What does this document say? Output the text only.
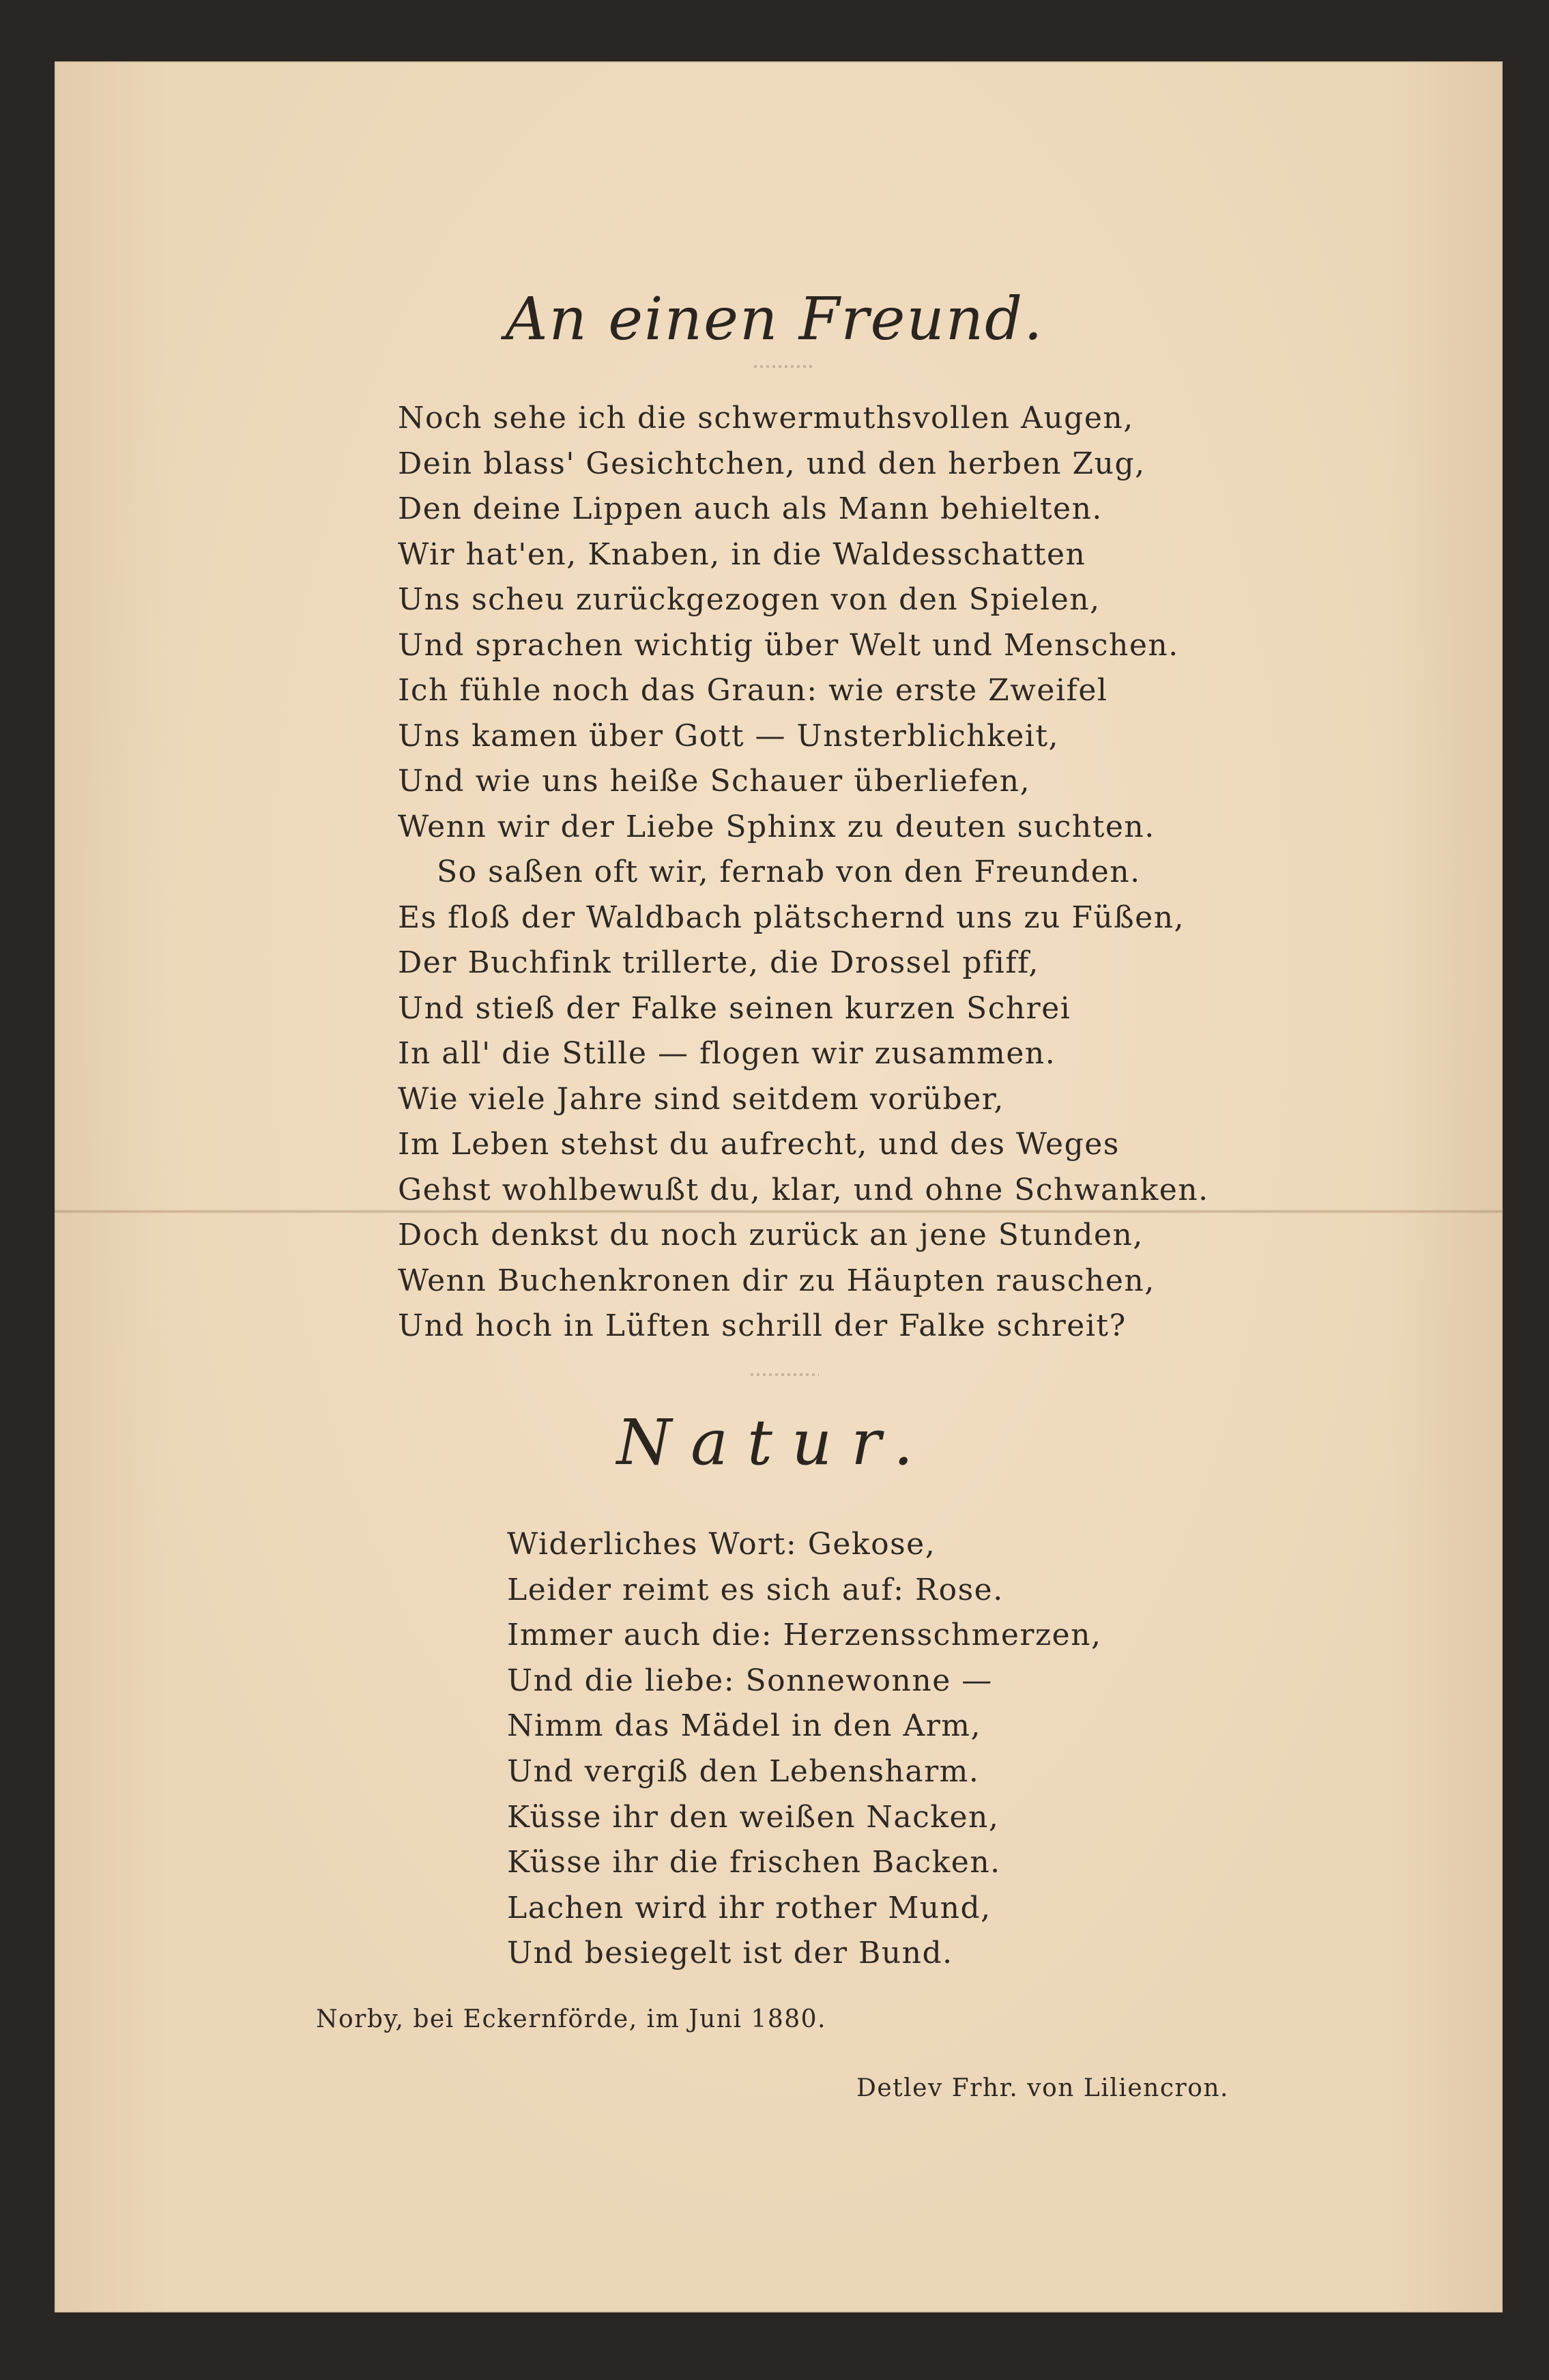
An einen Freund.
Noch sehe ich die schwermuthsvollen Augen,
Dein blass' Gesichtchen, und den herben Zug,
Den deine Lippen auch als Mann behielten.
Wir hat'en, Knaben, in die Waldesschatten
Uns scheu zurückgezogen von den Spielen,
Und sprachen wichtig über Welt und Menschen.
Ich fühle noch das Graun: wie erste Zweifel
Uns kamen über Gott — Unsterblichkeit,
Und wie uns heiße Schauer überliefen,
Wenn wir der Liebe Sphinx zu deuten suchten.
So saßen oft wir, fernab von den Freunden.
Es floß der Waldbach plätschernd uns zu Füßen,
Der Buchfink trillerte, die Drossel pfiff,
Und stieß der Falke seinen kurzen Schrei
In all' die Stille — flogen wir zusammen.
Wie viele Jahre sind seitdem vorüber,
Im Leben stehst du aufrecht, und des Weges
Gehst wohlbewußt du, klar, und ohne Schwanken.
Doch denkst du noch zurück an jene Stunden,
Wenn Buchenkronen dir zu Häupten rauschen,
Und hoch in Lüften schrill der Falke schreit?
Natur.
Widerliches Wort: Gekose,
Leider reimt es sich auf: Rose.
Immer auch die: Herzensschmerzen,
Und die liebe: Sonnewonne —
Nimm das Mädel in den Arm,
Und vergiß den Lebensharm.
Küsse ihr den weißen Nacken,
Küsse ihr die frischen Backen.
Lachen wird ihr rother Mund,
Und besiegelt ist der Bund.
Norby, bei Eckernförde, im Juni 1880.
Detlev Frhr. von Liliencron.
